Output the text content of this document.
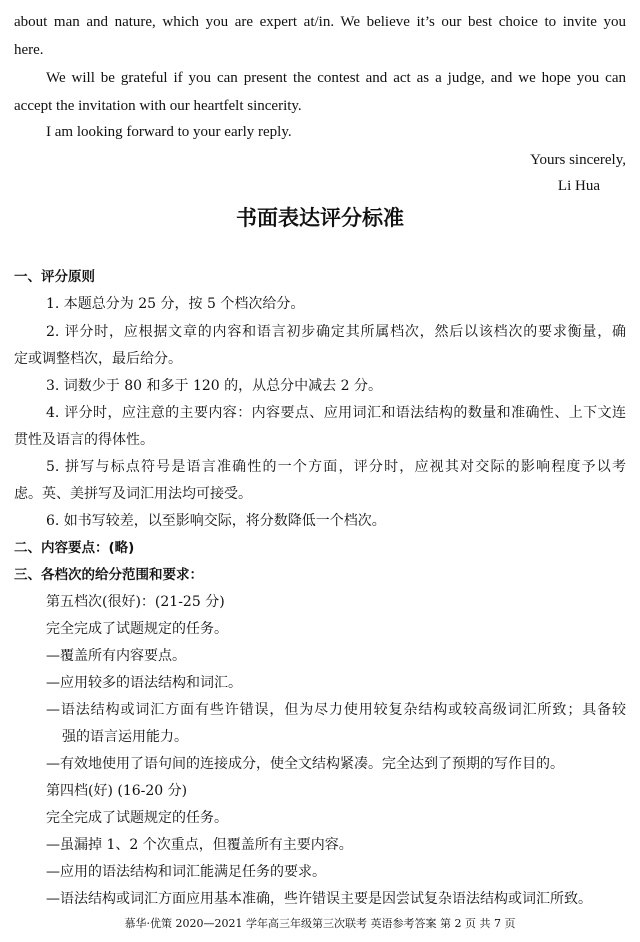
about man and nature, which you are expert at/in. We believe it’s our best choice to invite you
here.
We will be grateful if you can present the contest and act as a judge, and we hope you can
accept the invitation with our heartfelt sincerity.
I am looking forward to your early reply.
Yours sincerely,
Li Hua
书面表达评分标准
一、评分原则
1. 本题总分为 25 分，按 5 个档次给分。
2. 评分时，应根据文章的内容和语言初步确定其所属档次，然后以该档次的要求衡量，确
定或调整档次，最后给分。
3. 词数少于 80 和多于 120 的，从总分中减去 2 分。
4. 评分时，应注意的主要内容：内容要点、应用词汇和语法结构的数量和准确性、上下文连
贯性及语言的得体性。
5. 拼写与标点符号是语言准确性的一个方面，评分时，应视其对交际的影响程度予以考
虑。英、美拼写及词汇用法均可接受。
6. 如书写较差，以至影响交际，将分数降低一个档次。
二、内容要点：(略)
三、各档次的给分范围和要求：
第五档次(很好)：(21-25 分)
完全完成了试题规定的任务。
—覆盖所有内容要点。
—应用较多的语法结构和词汇。
—语法结构或词汇方面有些许错误，但为尽力使用较复杂结构或较高级词汇所致；具备较
强的语言运用能力。
—有效地使用了语句间的连接成分，使全文结构紧凑。完全达到了预期的写作目的。
第四档(好) (16-20 分)
完全完成了试题规定的任务。
—虽漏掉 1、2 个次重点，但覆盖所有主要内容。
—应用的语法结构和词汇能满足任务的要求。
—语法结构或词汇方面应用基本准确，些许错误主要是因尝试复杂语法结构或词汇所致。
慕华·优策 2020—2021 学年高三年级第三次联考 英语参考答案 第 2 页 共 7 页
